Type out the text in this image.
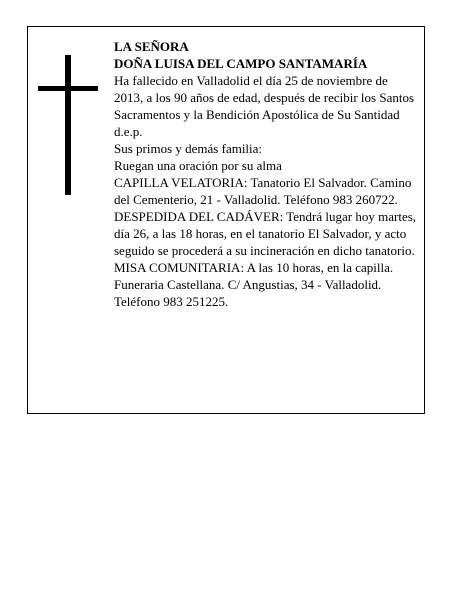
LA SEÑORA

DOÑA LUISA DEL CAMPO SANTAMARÍA

Ha fallecido en Valladolid el día 25 de noviembre de 2013, a los 90 años de edad, después de recibir los Santos Sacramentos y la Bendición Apostólica de Su Santidad

d.e.p.

Sus primos y demás familia:

Ruegan una oración por su alma

CAPILLA VELATORIA: Tanatorio El Salvador. Camino del Cementerio, 21 - Valladolid. Teléfono 983 260722.

DESPEDIDA DEL CADÁVER: Tendrá lugar hoy martes, día 26, a las 18 horas, en el tanatorio El Salvador, y acto seguido se procederá a su incineración en dicho tanatorio.

MISA COMUNITARIA: A las 10 horas, en la capilla. Funeraria Castellana. C/ Angustias, 34 - Valladolid. Teléfono 983 251225.
